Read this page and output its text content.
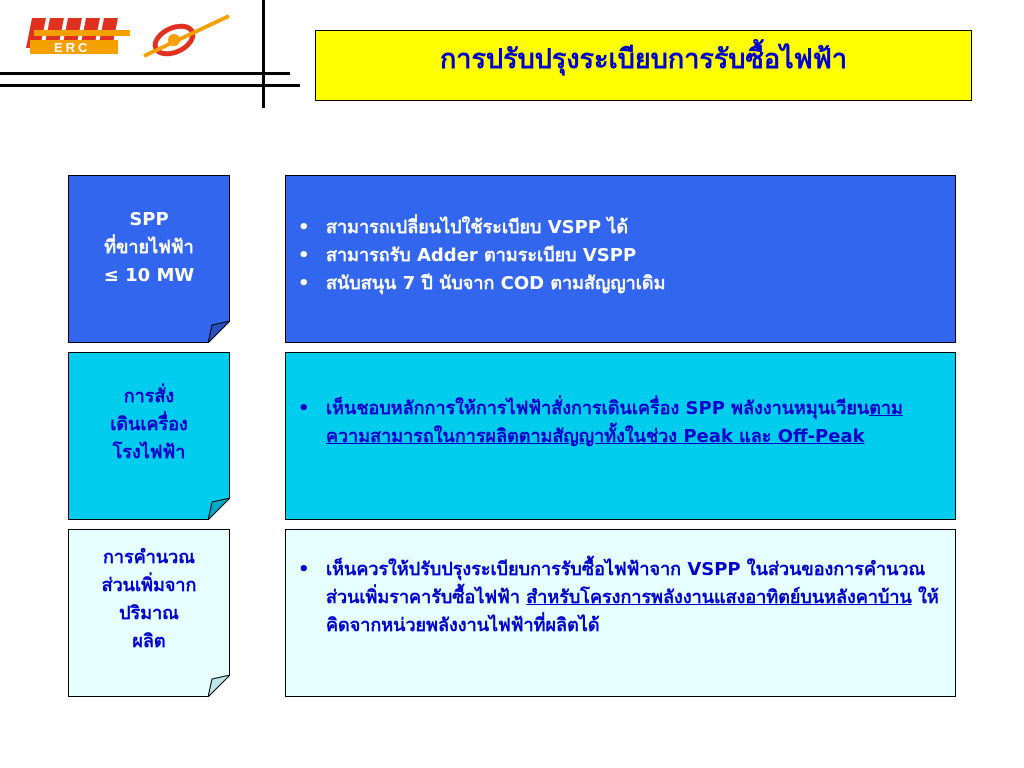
ERC	การปรับปรุงระเบียบการรับซื้อไฟฟ้า
SPP
ที่ขายไฟฟ้า
≤ 10 MW
• สามารถเปลี่ยนไปใช้ระเบียบ VSPP ได้
• สามารถรับ Adder ตามระเบียบ VSPP
• สนับสนุน 7 ปี นับจาก COD ตามสัญญาเดิม
การสั่ง
เดินเครื่อง
โรงไฟฟ้า
• เห็นชอบหลักการให้การไฟฟ้าสั่งการเดินเครื่อง SPP พลังงานหมุนเวียนตามความสามารถในการผลิตตามสัญญาทั้งในช่วง Peak และ Off-Peak
การคำนวณ
ส่วนเพิ่มจาก
ปริมาณ
ผลิต
• เห็นควรให้ปรับปรุงระเบียบการรับซื้อไฟฟ้าจาก VSPP ในส่วนของการคำนวณส่วนเพิ่มราคารับซื้อไฟฟ้า สำหรับโครงการพลังงานแสงอาทิตย์บนหลังคาบ้าน ให้คิดจากหน่วยพลังงานไฟฟ้าที่ผลิตได้
